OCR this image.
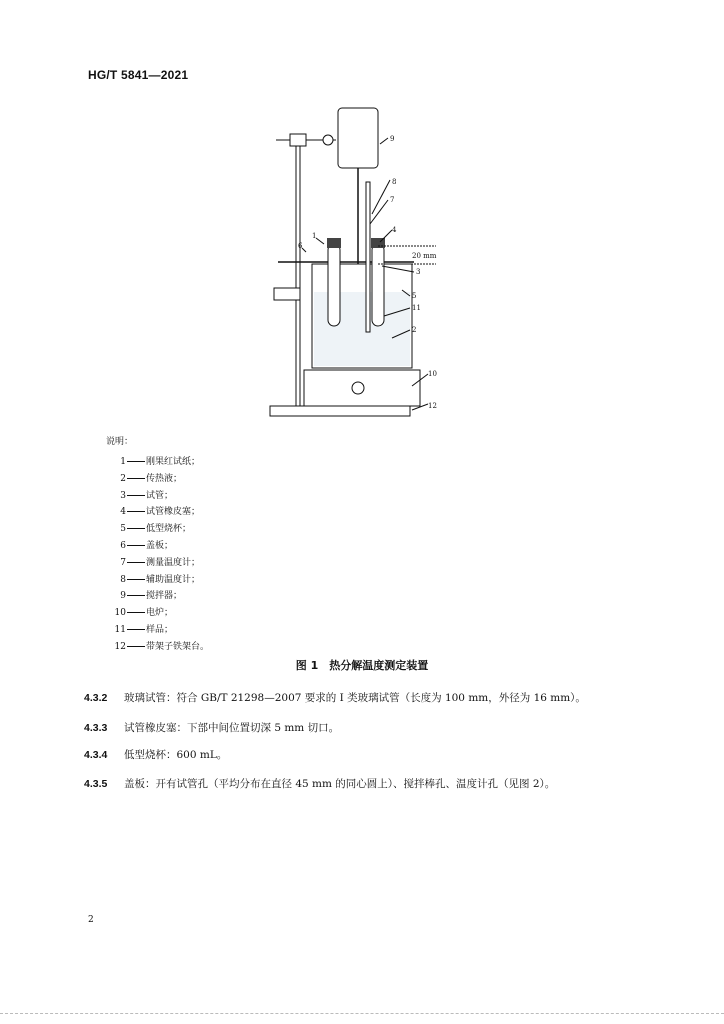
HG/T 5841—2021
9
8
7
4
20 mm
3
5
11
2
10
12
1
6
说明：
1 刚果红试纸；
2 传热液；
3 试管；
4 试管橡皮塞；
5 低型烧杯；
6 盖板；
7 测量温度计；
8 辅助温度计；
9 搅拌器；
10 电炉；
11 样品；
12 带架子铁架台。
图 1　热分解温度测定装置
4.3.2 玻璃试管：符合 GB/T 21298—2007 要求的 I 类玻璃试管（长度为 100 mm，外径为 16 mm）。
4.3.3 试管橡皮塞：下部中间位置切深 5 mm 切口。
4.3.4 低型烧杯：600 mL。
4.3.5 盖板：开有试管孔（平均分布在直径 45 mm 的同心圆上）、搅拌棒孔、温度计孔（见图 2）。
2
